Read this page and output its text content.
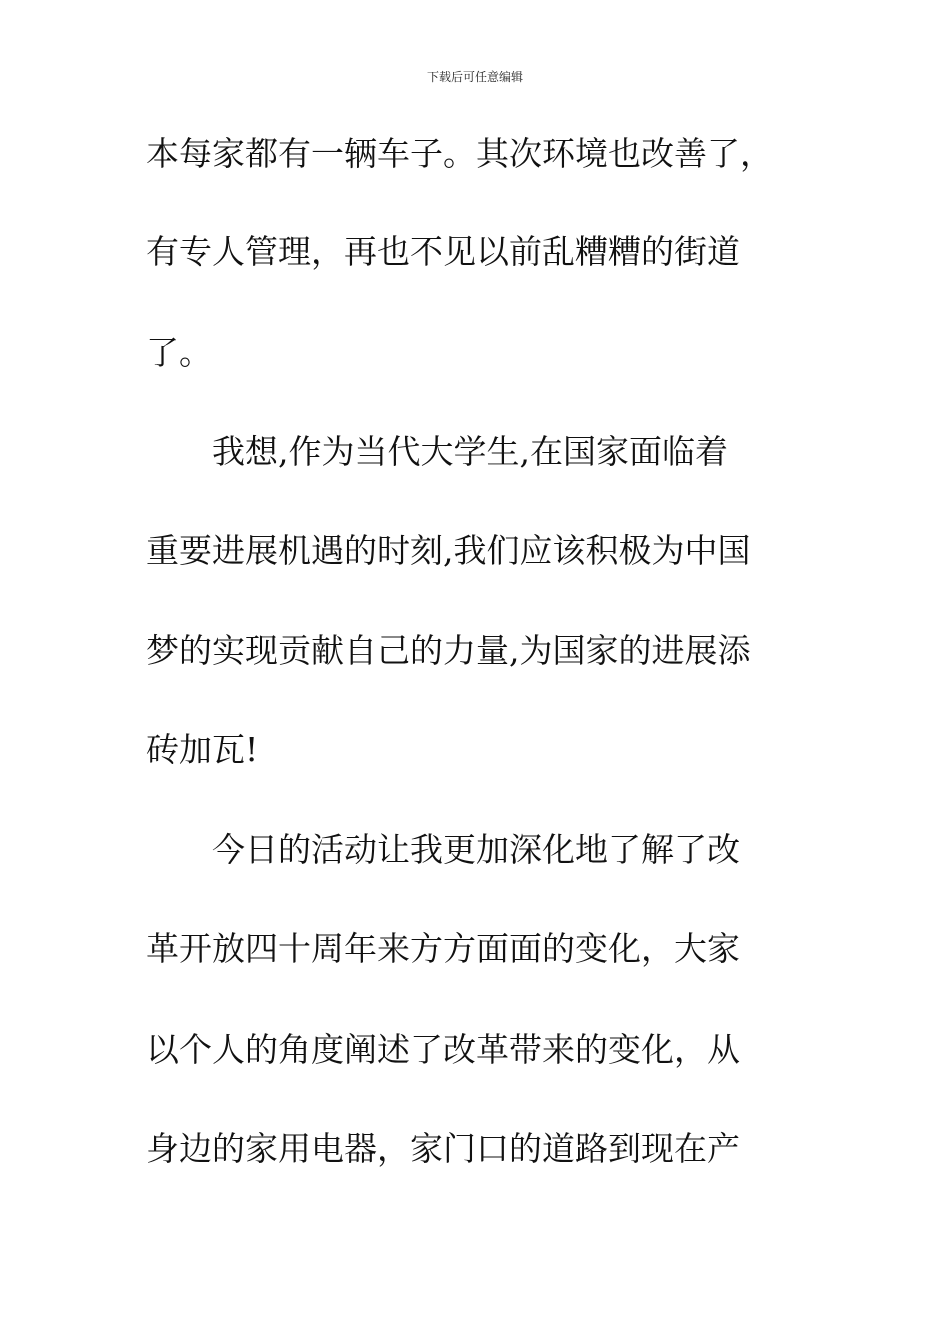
下载后可任意编辑
本每家都有一辆车子。其次环境也改善了，
有专人管理，再也不见以前乱糟糟的街道
了。
　　我想,作为当代大学生,在国家面临着
重要进展机遇的时刻,我们应该积极为中国
梦的实现贡献自己的力量,为国家的进展添
砖加瓦!
　　今日的活动让我更加深化地了解了改
革开放四十周年来方方面面的变化，大家
以个人的角度阐述了改革带来的变化，从
身边的家用电器，家门口的道路到现在产
